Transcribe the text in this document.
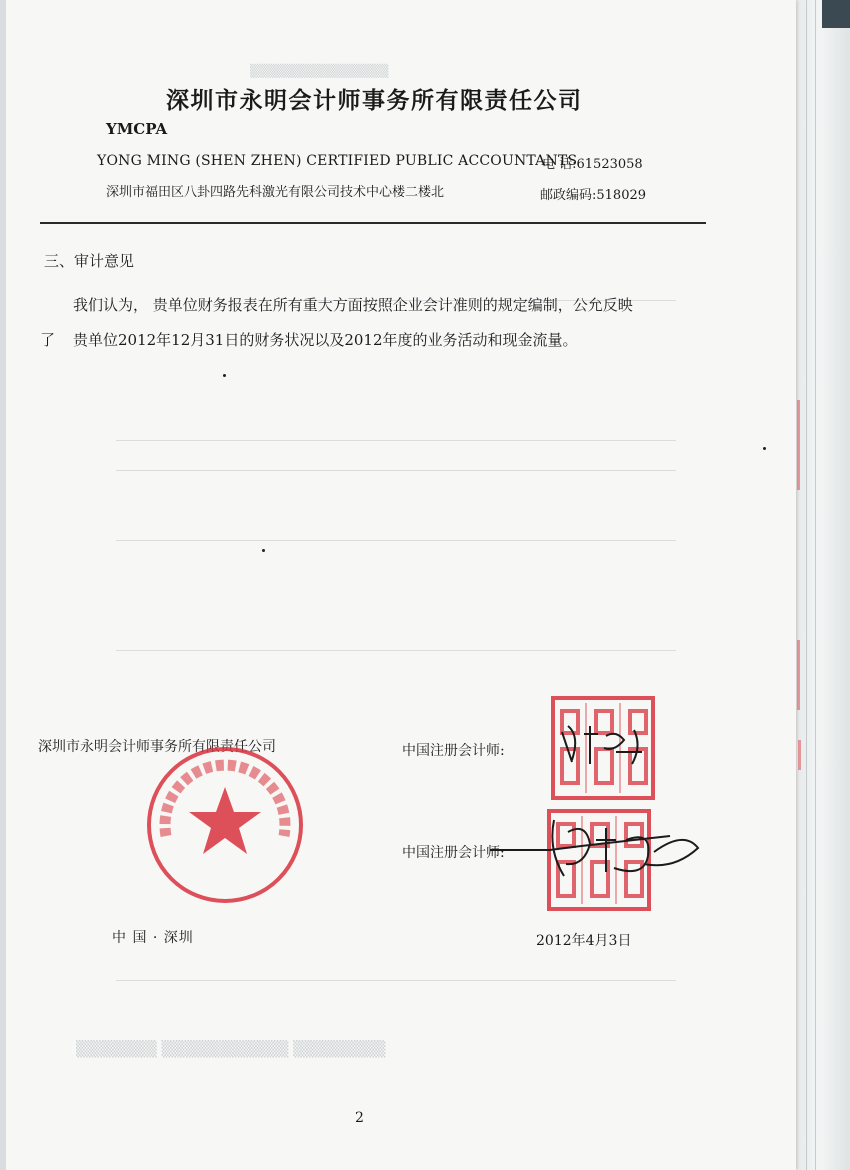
▒▒▒▒▒▒▒▒▒▒▒▒▒▒▒
▒▒▒▒▒▒▒ ▒▒▒▒▒▒▒▒▒▒▒ ▒▒▒▒▒▒▒▒
深圳市永明会计师事务所有限责任公司
YMCPA
YONG MING (SHEN ZHEN) CERTIFIED PUBLIC ACCOUNTANTS
电 话:61523058
深圳市福田区八卦四路先科激光有限公司技术中心楼二楼北	邮政编码:518029
三、审计意见
我们认为， 贵单位财务报表在所有重大方面按照企业会计准则的规定编制，公允反映
了 贵单位2012年12月31日的财务状况以及2012年度的业务活动和现金流量。
深圳市永明会计师事务所有限责任公司	中国注册会计师:
中国注册会计师:
中 国 · 深圳	2012年4月3日
2
